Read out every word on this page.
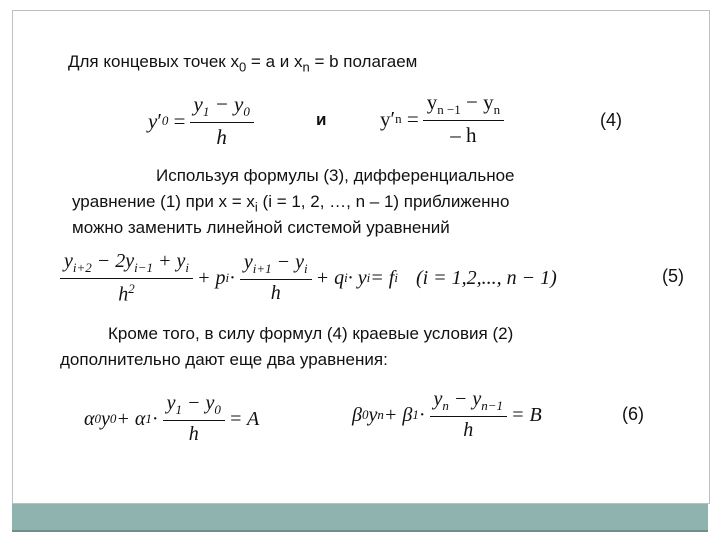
Для концевых точек $x_0 = a$ и $x_n = b$ полагаем
y ′ $0 = \frac{y_1 - y_0}{h}$	и	y ′ $n = \frac{y_{n -1} - y_n}{- h}$	(4)
Используя формулы (3), дифференциальное
уравнение (1) при $x = x_i$ (i = 1, 2, …, n – 1) приближенно
можно заменить линейной системой уравнений
$\frac{y_{i+2} - 2y_{i-1} + y_i}{h^2} + p$ $i \cdot \frac{y_{i+1} - y_i}{h} + q$ i · y i = f i (i = 1,2,..., n − 1)	(5)
Кроме того, в силу формул (4) краевые условия (2)
дополнительно дают еще два уравнения:
α 0 y 0 + α $1 \cdot \frac{y_1 - y_0}{h} = A$	β 0 y n + β $1 \cdot \frac{y_n - y_{n-1}}{h} = B$	(6)
